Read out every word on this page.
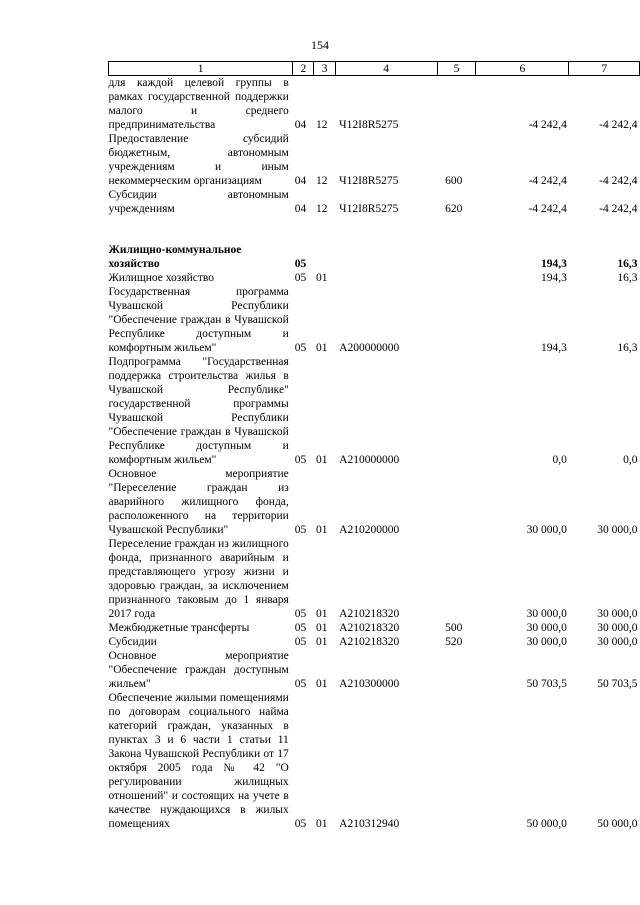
154
1	2	3	4	5	6	7
для каждой целевой группы в рамках государственной поддержки малого и среднего предпринимательства	04	12	Ч12I8R5275		-4 242,4	-4 242,4
Предоставление субсидий бюджетным, автономным учреждениям и иным некоммерческим организациям	04	12	Ч12I8R5275	600	-4 242,4	-4 242,4
Субсидии автономным учреждениям	04	12	Ч12I8R5275	620	-4 242,4	-4 242,4

Жилищно-коммунальное хозяйство	05				194,3	16,3
Жилищное хозяйство	05	01			194,3	16,3
Государственная программа Чувашской Республики "Обеспечение граждан в Чувашской Республике доступным и комфортным жильем"	05	01	A200000000		194,3	16,3
Подпрограмма "Государственная поддержка строительства жилья в Чувашской Республике" государственной программы Чувашской Республики "Обеспечение граждан в Чувашской Республике доступным и комфортным жильем"	05	01	A210000000		0,0	0,0
Основное мероприятие "Переселение граждан из аварийного жилищного фонда, расположенного на территории Чувашской Республики"	05	01	A210200000		30 000,0	30 000,0
Переселение граждан из жилищного фонда, признанного аварийным и представляющего угрозу жизни и здоровью граждан, за исключением признанного таковым до 1 января 2017 года	05	01	A210218320		30 000,0	30 000,0
Межбюджетные трансферты	05	01	A210218320	500	30 000,0	30 000,0
Субсидии	05	01	A210218320	520	30 000,0	30 000,0
Основное мероприятие "Обеспечение граждан доступным жильем"	05	01	A210300000		50 703,5	50 703,5
Обеспечение жилыми помещениями по договорам социального найма категорий граждан, указанных в пунктах 3 и 6 части 1 статьи 11 Закона Чувашской Республики от 17 октября 2005 года № 42 "О регулировании жилищных отношений" и состоящих на учете в качестве нуждающихся в жилых помещениях	05	01	A210312940		50 000,0	50 000,0
